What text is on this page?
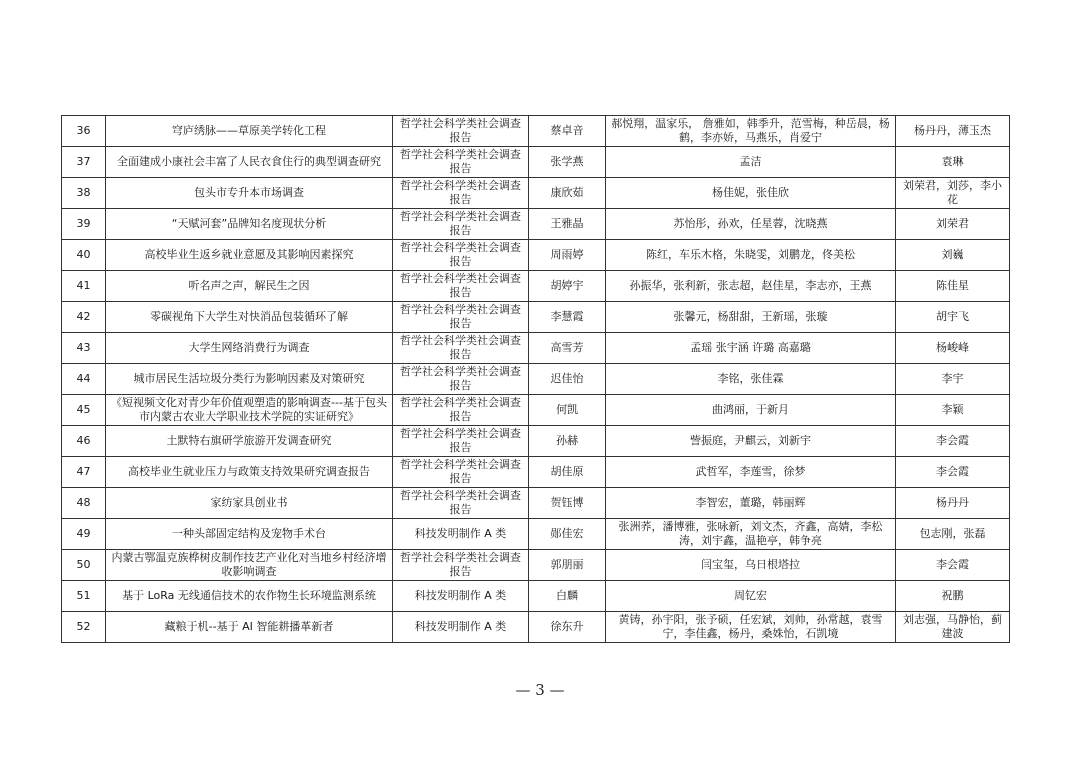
36	穹庐绣脉——草原美学转化工程	哲学社会科学类社会调查报告	蔡卓音	郝悦翔，温家乐， 詹雅如，韩季升，范雪梅，种岳晨，杨鹤，李亦娇，马燕乐，肖爱宁	杨丹丹，薄玉杰
37	全面建成小康社会丰富了人民衣食住行的典型调查研究	哲学社会科学类社会调查报告	张学燕	孟洁	袁琳
38	包头市专升本市场调查	哲学社会科学类社会调查报告	康欣茹	杨佳妮，张佳欣	刘荣君，刘莎，李小花
39	“天赋河套”品牌知名度现状分析	哲学社会科学类社会调查报告	王雅晶	苏怡彤，孙欢，任星蓉，沈晓燕	刘荣君
40	高校毕业生返乡就业意愿及其影响因素探究	哲学社会科学类社会调查报告	周雨婷	陈红，车乐木格，朱晓雯，刘鹏龙，佟美松	刘巍
41	听名声之声，解民生之因	哲学社会科学类社会调查报告	胡婷宇	孙振华，张利新，张志超，赵佳星，李志亦，王燕	陈佳星
42	零碳视角下大学生对快消品包装循环了解	哲学社会科学类社会调查报告	李慧霞	张馨元，杨甜甜，王新瑶，张璇	胡宇飞
43	大学生网络消费行为调查	哲学社会科学类社会调查报告	高雪芳	孟瑶 张宇涵 许璐 高嘉璐	杨峻峰
44	城市居民生活垃圾分类行为影响因素及对策研究	哲学社会科学类社会调查报告	迟佳怡	李铭，张佳霖	李宇
45	《短视频文化对青少年价值观塑造的影响调查---基于包头市内蒙古农业大学职业技术学院的实证研究》	哲学社会科学类社会调查报告	何凯	曲鸿丽，于新月	李颖
46	土默特右旗研学旅游开发调查研究	哲学社会科学类社会调查报告	孙赫	訾振庭，尹麒云，刘新宇	李会霞
47	高校毕业生就业压力与政策支持效果研究调查报告	哲学社会科学类社会调查报告	胡佳原	武哲军，李莲雪，徐梦	李会霞
48	家纺家具创业书	哲学社会科学类社会调查报告	贺钰博	李智宏，董璐，韩丽辉	杨丹丹
49	一种头部固定结构及宠物手术台	科技发明制作 A 类	郧佳宏	张洲荞，潘博雅，张咏新，刘文杰，齐鑫，高婧，李松涛，刘宇鑫，温艳亭，韩争亮	包志刚，张磊
50	内蒙古鄂温克族桦树皮制作技艺产业化对当地乡村经济增收影响调查	哲学社会科学类社会调查报告	郭朋丽	闫宝玺，乌日根塔拉	李会霞
51	基于 LoRa 无线通信技术的农作物生长环境监测系统	科技发明制作 A 类	白麟	周钇宏	祝鹏
52	藏粮于机--基于 AI 智能耕播革新者	科技发明制作 A 类	徐东升	黄铸，孙宇阳，张予硕，任宏斌，刘帅，孙常越，袁雪宁，李佳鑫，杨丹，桑姝怡，石凯境	刘志强，马静怡，蓟建波
— 3 —
